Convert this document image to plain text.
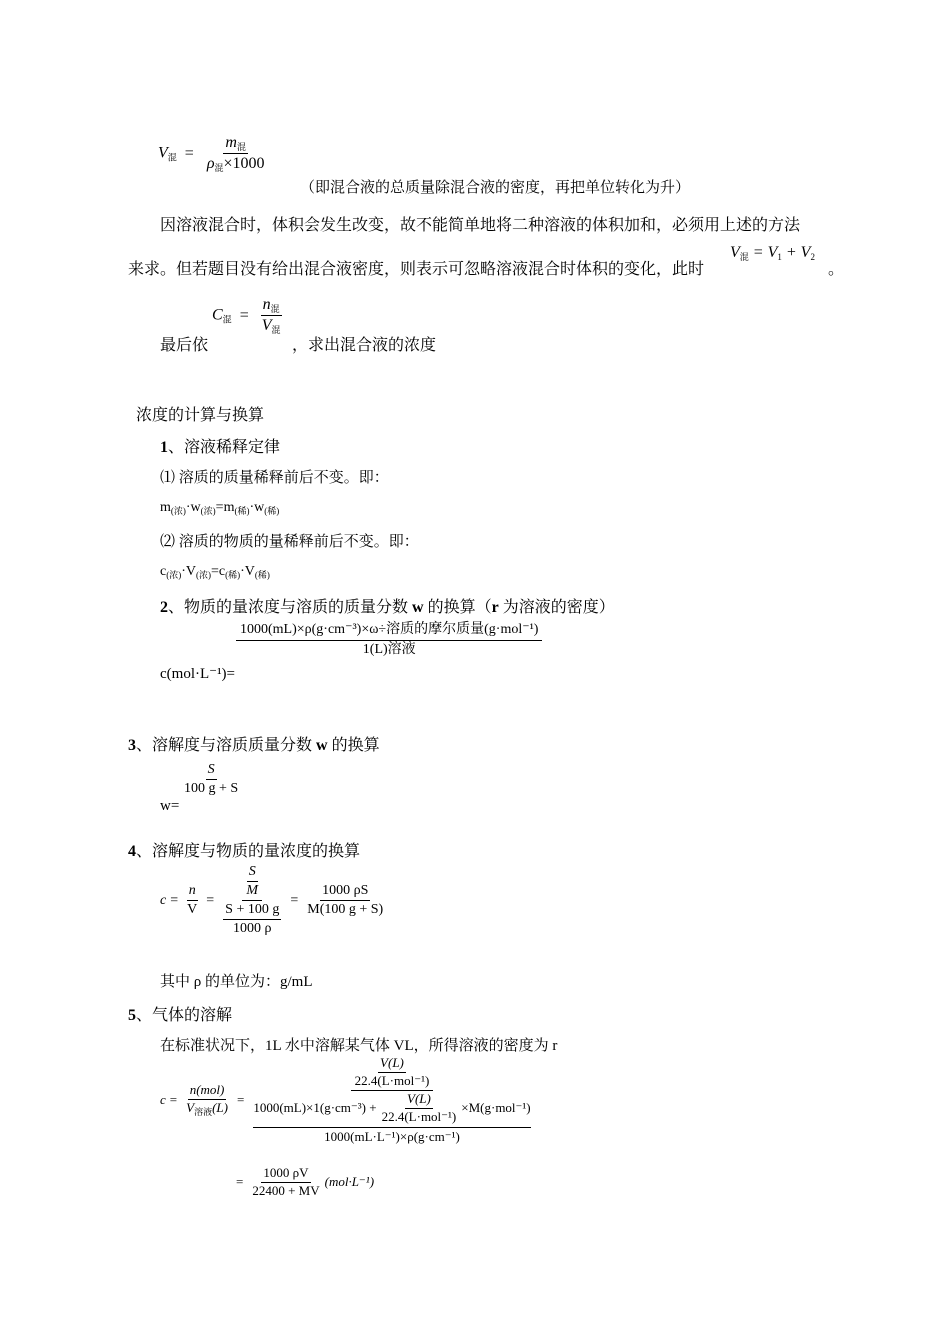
$V_混 = \frac{m_混}{\rho_混\times 1000}$
（即混合液的总质量除混合液的密度，再把单位转化为升）
因溶液混合时，体积会发生改变，故不能简单地将二种溶液的体积加和，必须用上述的方法
来求。但若题目没有给出混合液密度，则表示可忽略溶液混合时体积的变化，此时
$V_混 = V_1 + V_2$
。
$C_混 = \frac{n_混}{V_混}$
最后依	，求出混合液的浓度
浓度的计算与换算
1、溶液稀释定律
⑴ 溶质的质量稀释前后不变。即：
$m_{(浓)}\cdot w_{(浓)}=m_{(稀)}\cdot w_{(稀)}$
⑵ 溶质的物质的量稀释前后不变。即：
$c_{(浓)}\cdot V_{(浓)}=c_{(稀)}\cdot V_{(稀)}$
2、物质的量浓度与溶质的质量分数 w 的换算（r 为溶液的密度）
$\frac{\text{1000(mL)×ρ(g·cm⁻³)×ω÷溶质的摩尔质量(g·mol⁻¹)}}{\text{1(L)溶液}}$
c(mol·L⁻¹)=
3、溶解度与溶质质量分数 w 的换算
$\frac{S}{100 g + S}$
w=
4、溶解度与物质的量浓度的换算
$c = \frac{n}{V} = \frac{\frac{S}{M}}{\frac{S + 100 g}{1000 \rho}} = \frac{1000 \rho S}{M(100 g + S)}$
其中 ρ 的单位为：g/mL
5、气体的溶解
在标准状况下，1L 水中溶解某气体 VL，所得溶液的密度为 r
$c = \frac{\text{n(mol)}}{V_{溶液}(L)}$ =
$\frac{V(L)}{\text{22.4(L·mol⁻¹)}}$
$1000(mL)\times 1(g\cdot cm^{-3}) + \frac{V(L)}{\text{22.4(L·mol⁻¹)}} \times M(g\cdot mol^{-1})$
1000(mL·L⁻¹)×ρ(g·cm⁻¹)
= $\frac{1000 \rho V}{22400 + MV} (mol\cdot L^{-1})$
